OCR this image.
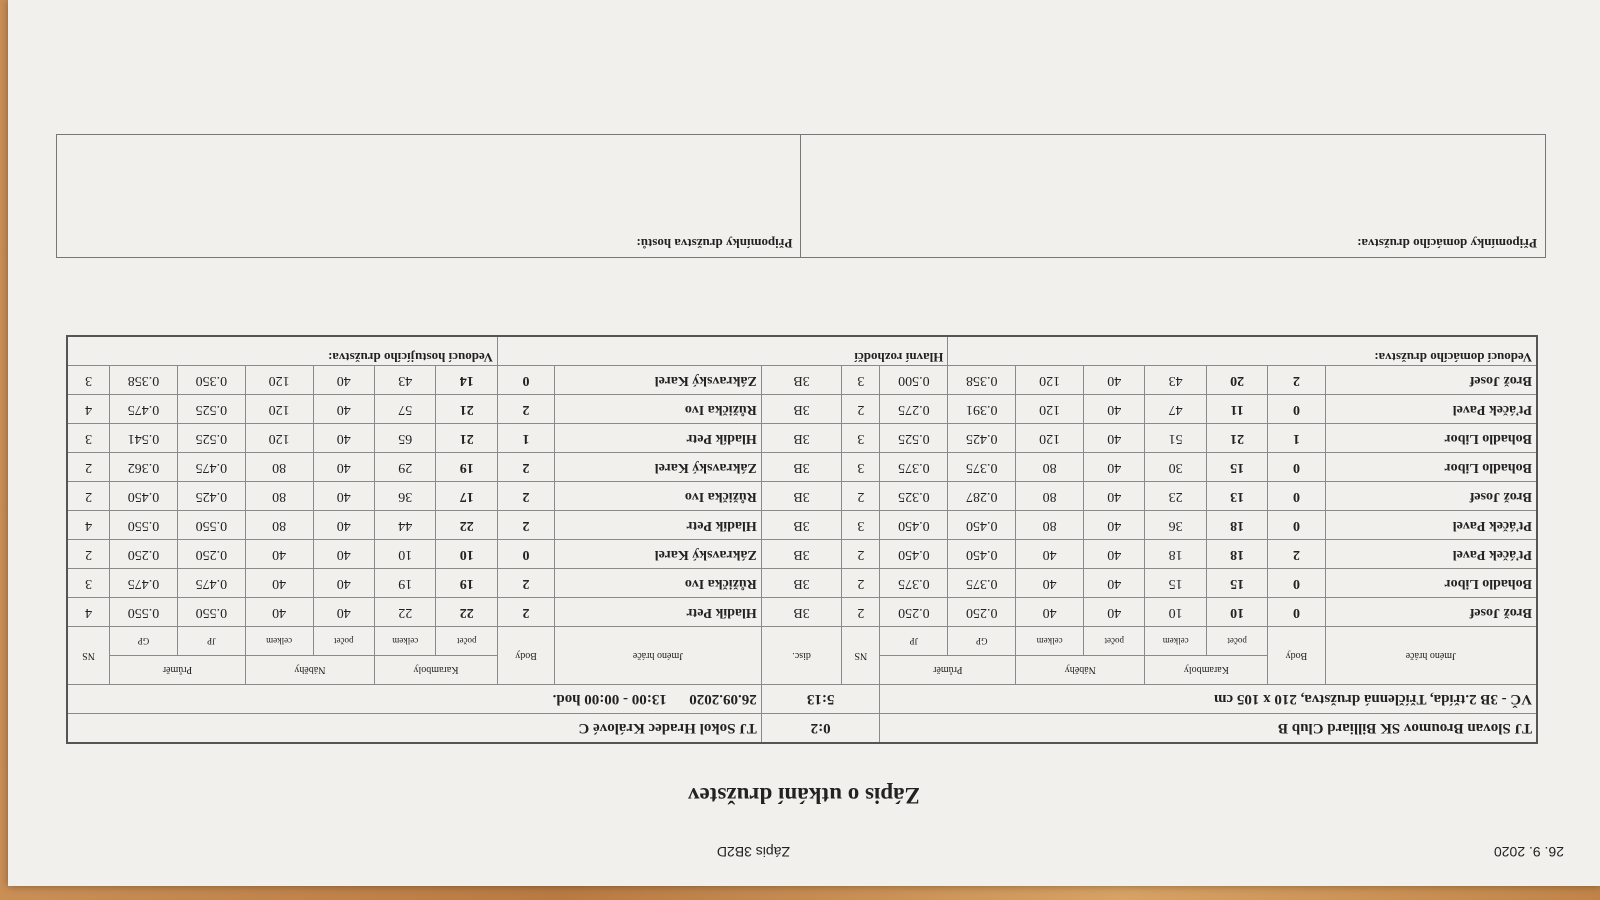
26. 9. 2020
Zápis 3B2D
Zápis o utkání družstev
TJ Slovan Broumov SK Billiard Club B								0:2		TJ Sokol Hradec Králové C								
VČ - 3B 2.třída, Tříčlenná družstva, 210 x 105 cm								5:13		26.09.2020      13:00 - 00:00 hod.								
Jméno hráče	Body	Karamboly		Náběhy		Průměr		NS	disc.	Jméno hráče	Body	Karamboly		Náběhy		Průměr		NS
		počet	celkem	počet	celkem	GP	JP					počet	celkem	počet	celkem	JP	GP	
Brož Josef	0	10	10	40	40	0.250	0.250	2	3B	Hladík Petr	2	22	22	40	40	0.550	0.550	4
Bohadlo Libor	0	15	15	40	40	0.375	0.375	2	3B	Růžička Ivo	2	19	19	40	40	0.475	0.475	3
Pťáček Pavel	2	18	18	40	40	0.450	0.450	2	3B	Zákravský Karel	0	10	10	40	40	0.250	0.250	2
Pťáček Pavel	0	18	36	40	80	0.450	0.450	3	3B	Hladík Petr	2	22	44	40	80	0.550	0.550	4
Brož Josef	0	13	23	40	80	0.287	0.325	2	3B	Růžička Ivo	2	17	36	40	80	0.425	0.450	2
Bohadlo Libor	0	15	30	40	80	0.375	0.375	3	3B	Zákravský Karel	2	19	29	40	80	0.475	0.362	2
Bohadlo Libor	1	21	51	40	120	0.425	0.525	3	3B	Hladík Petr	1	21	65	40	120	0.525	0.541	3
Pťáček Pavel	0	11	47	40	120	0.391	0.275	2	3B	Růžička Ivo	2	21	57	40	120	0.525	0.475	4
Brož Josef	2	20	43	40	120	0.358	0.500	3	3B	Zákravský Karel	0	14	43	40	120	0.350	0.358	3
Vedoucí domácího družstva:							Hlavní rozhodčí					Vedoucí hostujícího družstva:						
Připomínky domácího družstva:	Připomínky družstva hostů:
